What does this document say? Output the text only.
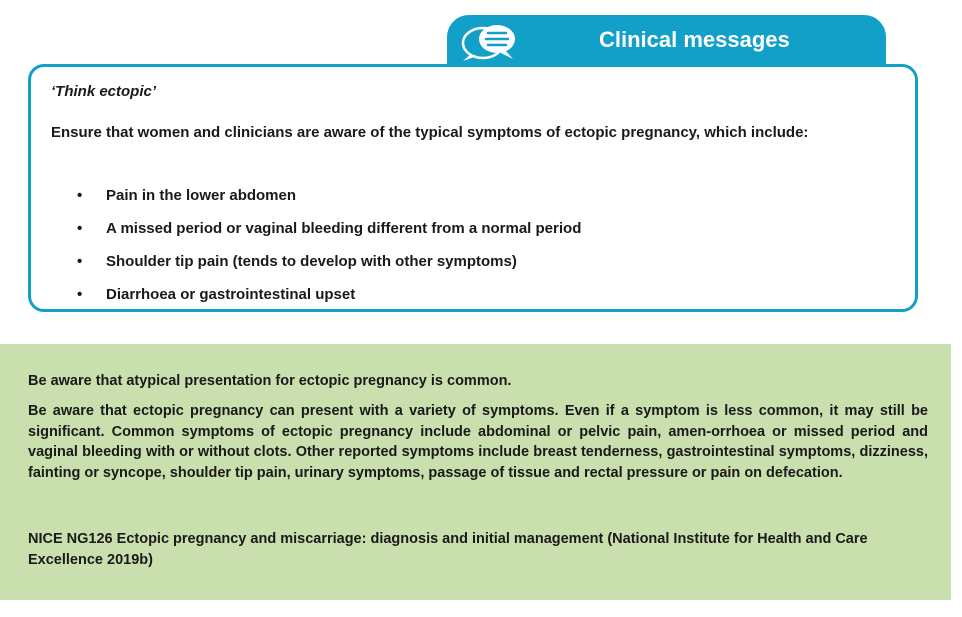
Clinical messages
‘Think ectopic’

Ensure that women and clinicians are aware of the typical symptoms of ectopic pregnancy, which include:

• Pain in the lower abdomen
• A missed period or vaginal bleeding different from a normal period
• Shoulder tip pain (tends to develop with other symptoms)
• Diarrhoea or gastrointestinal upset

Be aware that atypical presentation for ectopic pregnancy is common.

Be aware that ectopic pregnancy can present with a variety of symptoms. Even if a symptom is less common, it may still be significant. Common symptoms of ectopic pregnancy include abdominal or pelvic pain, amen-orrhoea or missed period and vaginal bleeding with or without clots. Other reported symptoms include breast tenderness, gastrointestinal symptoms, dizziness, fainting or syncope, shoulder tip pain, urinary symptoms, passage of tissue and rectal pressure or pain on defecation.

NICE NG126 Ectopic pregnancy and miscarriage: diagnosis and initial management (National Institute for Health and Care Excellence 2019b)
